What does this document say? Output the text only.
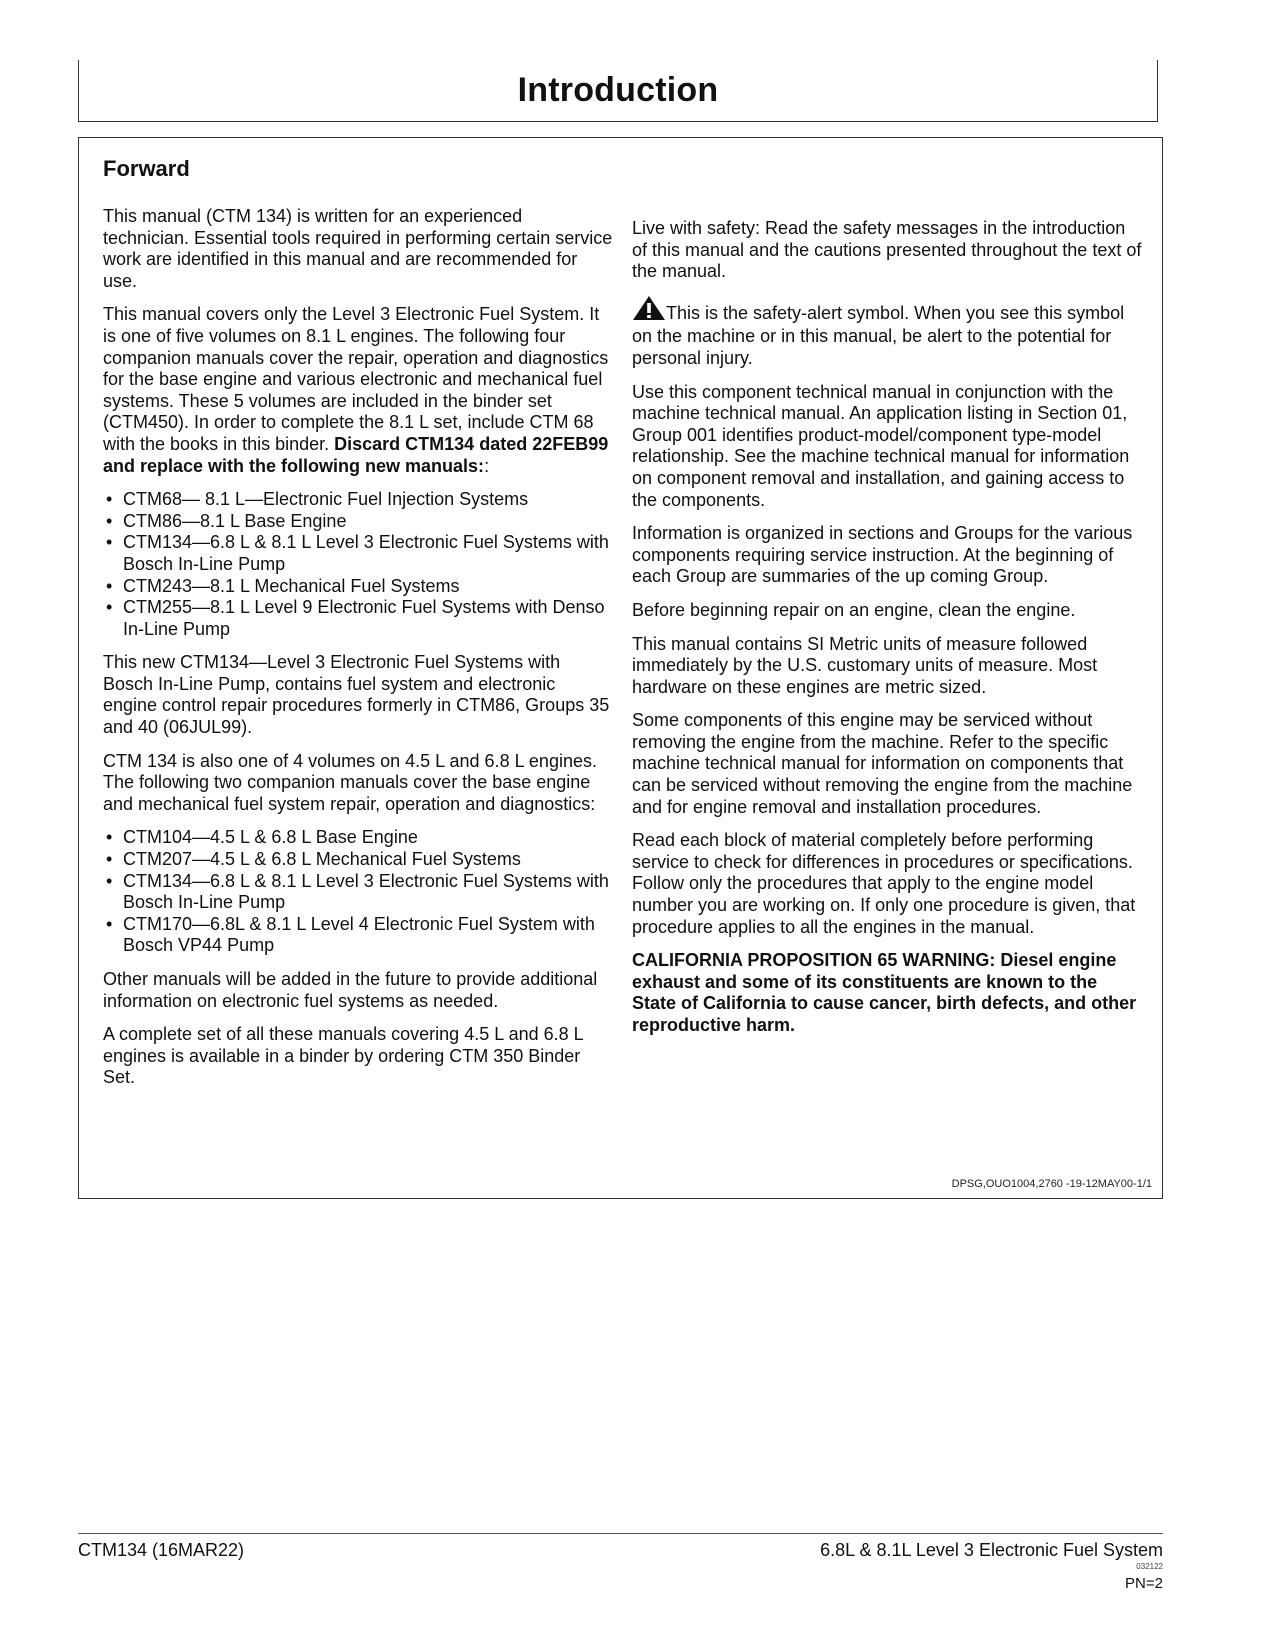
Introduction
Forward

This manual (CTM 134) is written for an experienced technician. Essential tools required in performing certain service work are identified in this manual and are recommended for use.

This manual covers only the Level 3 Electronic Fuel System. It is one of five volumes on 8.1 L engines. The following four companion manuals cover the repair, operation and diagnostics for the base engine and various electronic and mechanical fuel systems. These 5 volumes are included in the binder set (CTM450). In order to complete the 8.1 L set, include CTM 68 with the books in this binder. Discard CTM134 dated 22FEB99 and replace with the following new manuals::

• CTM68— 8.1 L—Electronic Fuel Injection Systems
• CTM86—8.1 L Base Engine
• CTM134—6.8 L & 8.1 L Level 3 Electronic Fuel Systems with Bosch In-Line Pump
• CTM243—8.1 L Mechanical Fuel Systems
• CTM255—8.1 L Level 9 Electronic Fuel Systems with Denso In-Line Pump

This new CTM134—Level 3 Electronic Fuel Systems with Bosch In-Line Pump, contains fuel system and electronic engine control repair procedures formerly in CTM86, Groups 35 and 40 (06JUL99).

CTM 134 is also one of 4 volumes on 4.5 L and 6.8 L engines. The following two companion manuals cover the base engine and mechanical fuel system repair, operation and diagnostics:

• CTM104—4.5 L & 6.8 L Base Engine
• CTM207—4.5 L & 6.8 L Mechanical Fuel Systems
• CTM134—6.8 L & 8.1 L Level 3 Electronic Fuel Systems with Bosch In-Line Pump
• CTM170—6.8L & 8.1 L Level 4 Electronic Fuel System with Bosch VP44 Pump

Other manuals will be added in the future to provide additional information on electronic fuel systems as needed.

A complete set of all these manuals covering 4.5 L and 6.8 L engines is available in a binder by ordering CTM 350 Binder Set.

Live with safety: Read the safety messages in the introduction of this manual and the cautions presented throughout the text of the manual.

This is the safety-alert symbol. When you see this symbol on the machine or in this manual, be alert to the potential for personal injury.

Use this component technical manual in conjunction with the machine technical manual. An application listing in Section 01, Group 001 identifies product-model/component type-model relationship. See the machine technical manual for information on component removal and installation, and gaining access to the components.

Information is organized in sections and Groups for the various components requiring service instruction. At the beginning of each Group are summaries of the up coming Group.

Before beginning repair on an engine, clean the engine.

This manual contains SI Metric units of measure followed immediately by the U.S. customary units of measure. Most hardware on these engines are metric sized.

Some components of this engine may be serviced without removing the engine from the machine. Refer to the specific machine technical manual for information on components that can be serviced without removing the engine from the machine and for engine removal and installation procedures.

Read each block of material completely before performing service to check for differences in procedures or specifications. Follow only the procedures that apply to the engine model number you are working on. If only one procedure is given, that procedure applies to all the engines in the manual.

CALIFORNIA PROPOSITION 65 WARNING: Diesel engine exhaust and some of its constituents are known to the State of California to cause cancer, birth defects, and other reproductive harm.

DPSG,OUO1004,2760 -19-12MAY00-1/1
CTM134 (16MAR22)	6.8L & 8.1L Level 3 Electronic Fuel System
032122
PN=2
